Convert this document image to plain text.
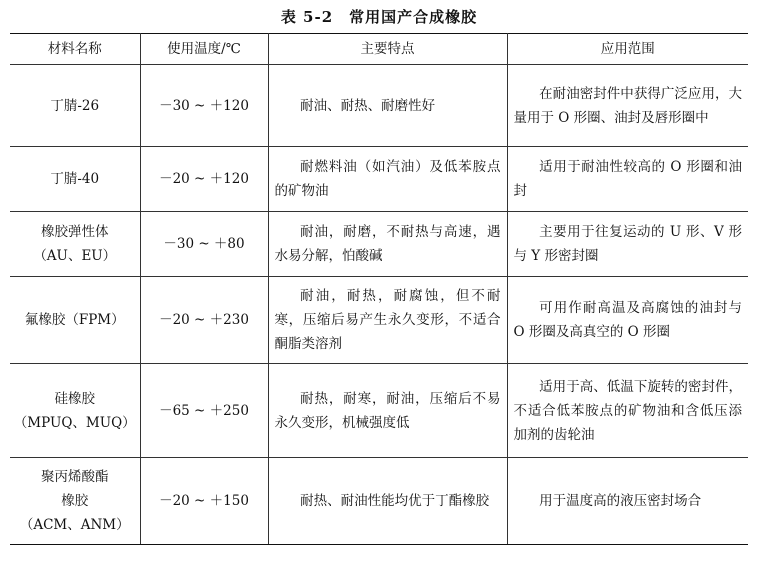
表 5-2 常用国产合成橡胶
材料名称	使用温度/℃	主要特点	应用范围

丁腈-26	－30 ~ ＋120	耐油、耐热、耐磨性好	在耐油密封件中获得广泛应用，大量用于 O 形圈、油封及唇形圈中

丁腈-40	－20 ~ ＋120	耐燃料油（如汽油）及低苯胺点的矿物油	适用于耐油性较高的 O 形圈和油封

橡胶弹性体
（AU、EU）	－30 ~ ＋80	耐油，耐磨，不耐热与高速，遇水易分解，怕酸碱	主要用于往复运动的 U 形、V 形与 Y 形密封圈

氟橡胶（FPM）	－20 ~ ＋230	耐油，耐热，耐腐蚀，但不耐寒，压缩后易产生永久变形，不适合酮脂类溶剂	可用作耐高温及高腐蚀的油封与 O 形圈及高真空的 O 形圈

硅橡胶
（MPUQ、MUQ）	－65 ~ ＋250	耐热，耐寒，耐油，压缩后不易永久变形，机械强度低	适用于高、低温下旋转的密封件，不适合低苯胺点的矿物油和含低压添加剂的齿轮油

聚丙烯酸酯
橡胶
（ACM、ANM）	－20 ~ ＋150	耐热、耐油性能均优于丁酯橡胶	用于温度高的液压密封场合
